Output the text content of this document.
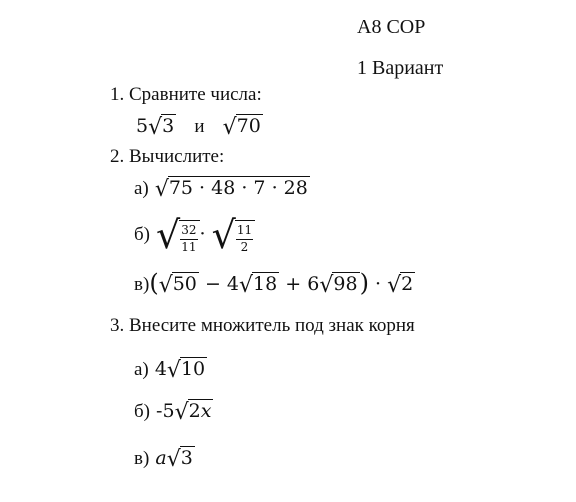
А8 СОР
1 Вариант
1. Сравните числа:
5√3 и √70
2. Вычислите:
а) √75 · 48 · 7 · 28
б) √ $\frac{32}{11}$ · √ $\frac{11}{2}$
в)(√50 − 4√18 + 6√98) · √2
3. Внесите множитель под знак корня
а) 4√10
б) -5√2x
в) a√3
